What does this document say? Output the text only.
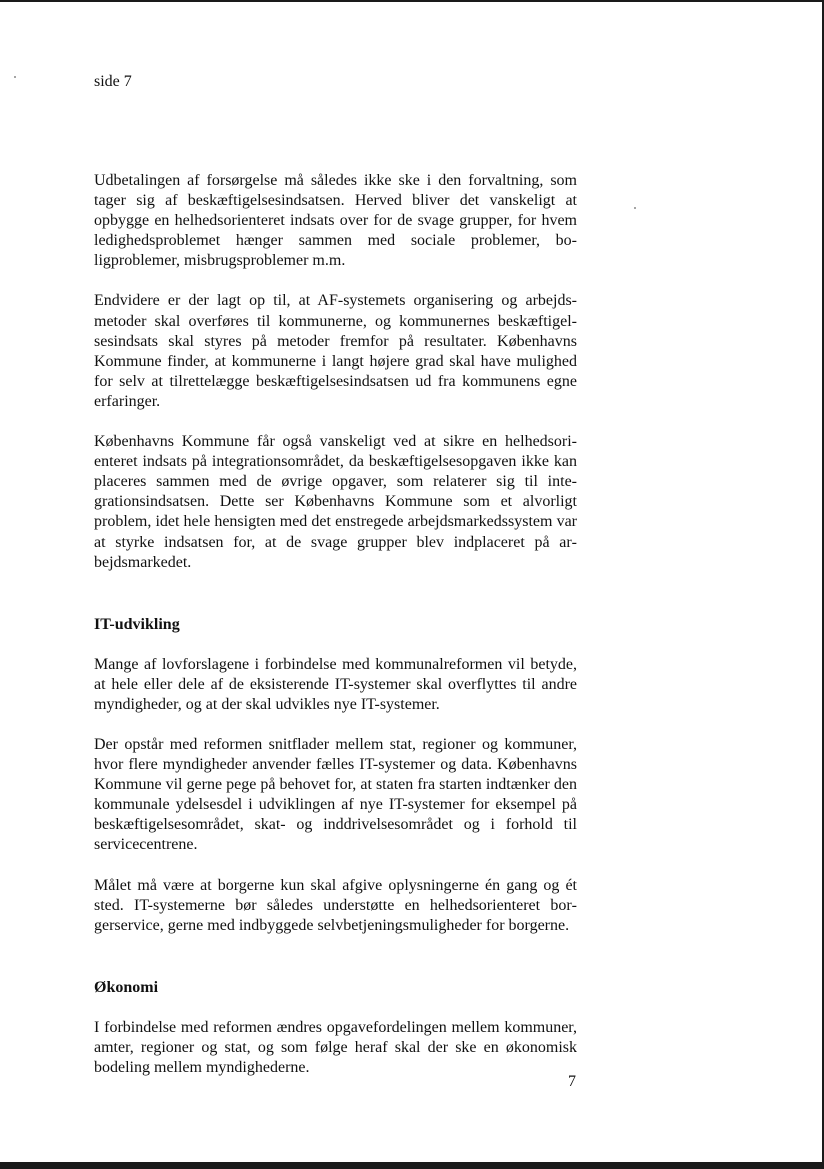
side 7

Udbetalingen af forsørgelse må således ikke ske i den forvaltning, som tager sig af beskæftigelsesindsatsen. Herved bliver det vanskeligt at opbygge en helhedsorienteret indsats over for de svage grupper, for hvem ledighedsproblemet hænger sammen med sociale problemer, boligproblemer, misbrugsproblemer m.m.

Endvidere er der lagt op til, at AF-systemets organisering og arbejdsmetoder skal overføres til kommunerne, og kommunernes beskæftigelsesindsats skal styres på metoder fremfor på resultater. Københavns Kommune finder, at kommunerne i langt højere grad skal have mulighed for selv at tilrettelægge beskæftigelsesindsatsen ud fra kommunens egne erfaringer.

Københavns Kommune får også vanskeligt ved at sikre en helhedsorienteret indsats på integrationsområdet, da beskæftigelsesopgaven ikke kan placeres sammen med de øvrige opgaver, som relaterer sig til integrationsindsatsen. Dette ser Københavns Kommune som et alvorligt problem, idet hele hensigten med det enstregede arbejdsmarkedssystem var at styrke indsatsen for, at de svage grupper blev indplaceret på arbejdsmarkedet.

IT-udvikling

Mange af lovforslagene i forbindelse med kommunalreformen vil betyde, at hele eller dele af de eksisterende IT-systemer skal overflyttes til andre myndigheder, og at der skal udvikles nye IT-systemer.

Der opstår med reformen snitflader mellem stat, regioner og kommuner, hvor flere myndigheder anvender fælles IT-systemer og data. Københavns Kommune vil gerne pege på behovet for, at staten fra starten indtænker den kommunale ydelsesdel i udviklingen af nye IT-systemer for eksempel på beskæftigelsesområdet, skat- og inddrivelsesområdet og i forhold til servicecentrene.

Målet må være at borgerne kun skal afgive oplysningerne én gang og ét sted. IT-systemerne bør således understøtte en helhedsorienteret borgerservice, gerne med indbyggede selvbetjeningsmuligheder for borgerne.

Økonomi

I forbindelse med reformen ændres opgavefordelingen mellem kommuner, amter, regioner og stat, og som følge heraf skal der ske en økonomisk bodeling mellem myndighederne.

7
